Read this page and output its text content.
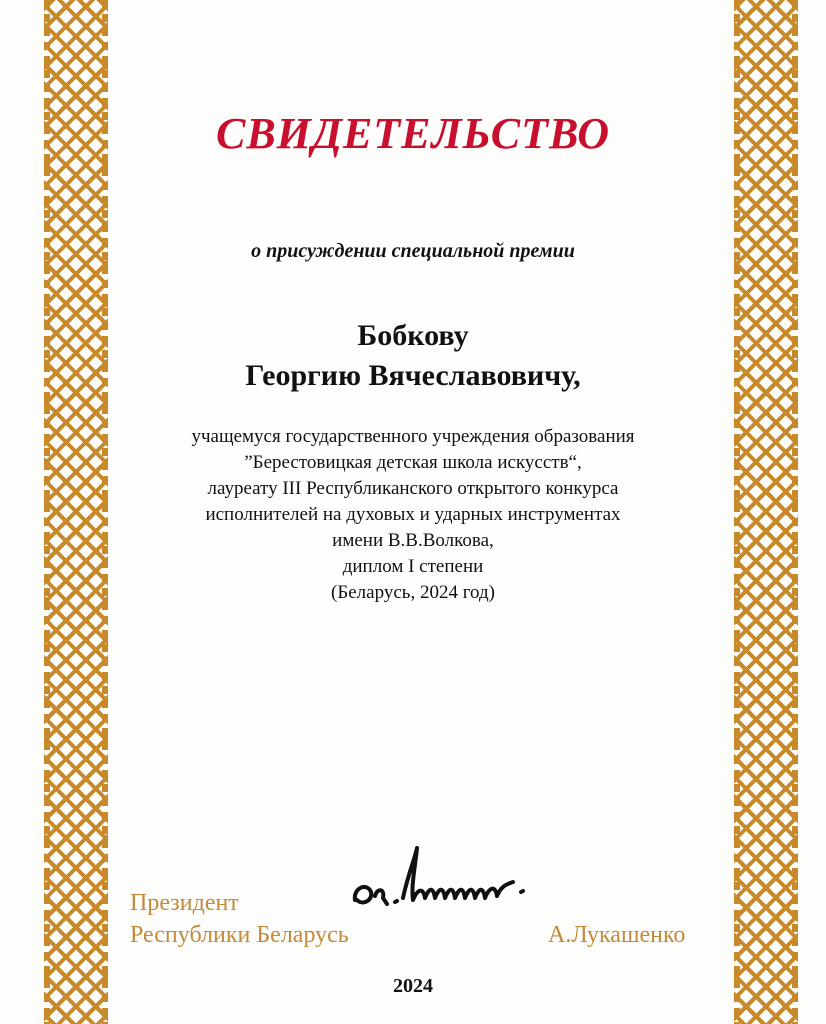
СВИДЕТЕЛЬСТВО
о присуждении специальной премии
Бобкову
Георгию Вячеславовичу,
учащемуся государственного учреждения образования
”Берестовицкая детская школа искусств“,
лауреату III Республиканского открытого конкурса
исполнителей на духовых и ударных инструментах
имени В.В.Волкова,
диплом I степени
(Беларусь, 2024 год)
Президент
Республики Беларусь	А.Лукашенко
2024
